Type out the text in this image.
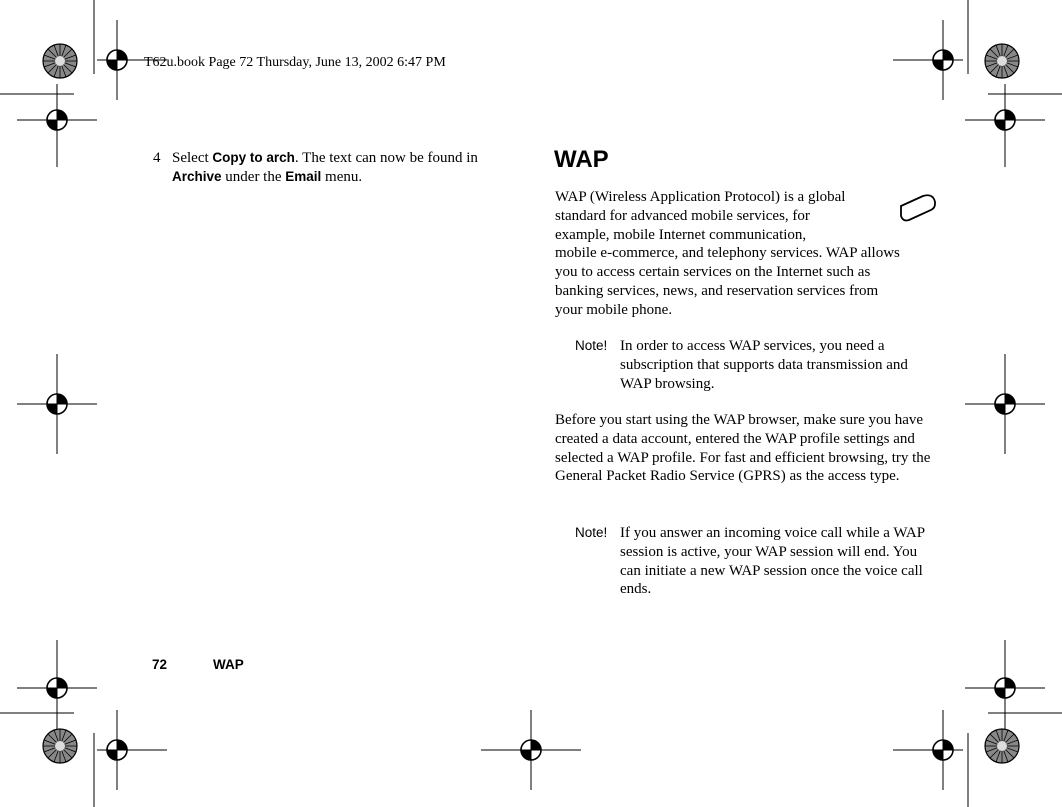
T62u.book Page 72 Thursday, June 13, 2002 6:47 PM
4 Select Copy to arch. The text can now be found in Archive under the Email menu.
WAP
WAP (Wireless Application Protocol) is a global
standard for advanced mobile services, for
example, mobile Internet communication,
mobile e-commerce, and telephony services. WAP allows
you to access certain services on the Internet such as
banking services, news, and reservation services from
your mobile phone.
Note! In order to access WAP services, you need a subscription that supports data transmission and WAP browsing.
Before you start using the WAP browser, make sure you have created a data account, entered the WAP profile settings and selected a WAP profile. For fast and efficient browsing, try the General Packet Radio Service (GPRS) as the access type.
Note! If you answer an incoming voice call while a WAP session is active, your WAP session will end. You can initiate a new WAP session once the voice call ends.
72	WAP
